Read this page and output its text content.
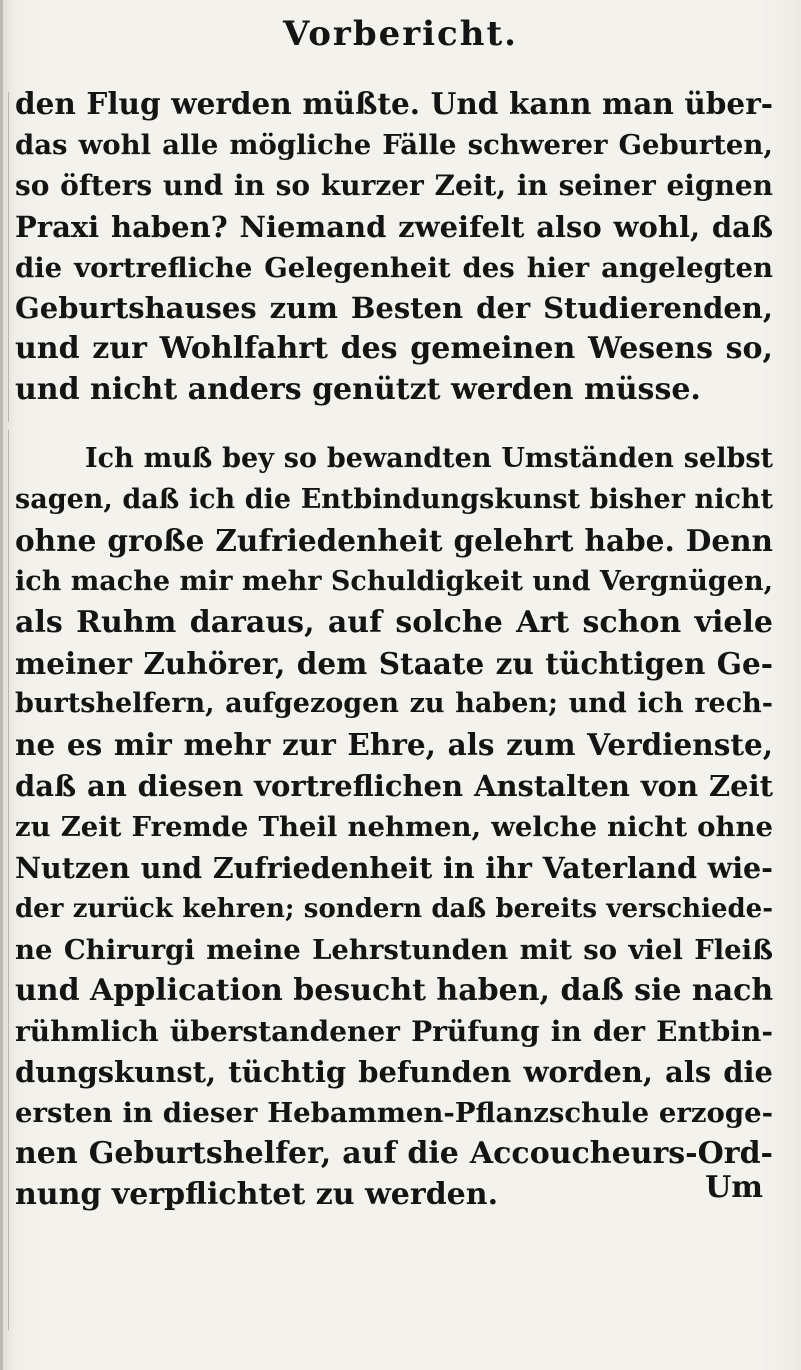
Vorbericht.
den Flug werden müßte. Und kann man über-
das wohl alle mögliche Fälle schwerer Geburten,
so öfters und in so kurzer Zeit, in seiner eignen
Praxi haben? Niemand zweifelt also wohl, daß
die vortrefliche Gelegenheit des hier angelegten
Geburtshauses zum Besten der Studierenden,
und zur Wohlfahrt des gemeinen Wesens so,
und nicht anders genützt werden müsse.
Ich muß bey so bewandten Umständen selbst
sagen, daß ich die Entbindungskunst bisher nicht
ohne große Zufriedenheit gelehrt habe. Denn
ich mache mir mehr Schuldigkeit und Vergnügen,
als Ruhm daraus, auf solche Art schon viele
meiner Zuhörer, dem Staate zu tüchtigen Ge-
burtshelfern, aufgezogen zu haben; und ich rech-
ne es mir mehr zur Ehre, als zum Verdienste,
daß an diesen vortreflichen Anstalten von Zeit
zu Zeit Fremde Theil nehmen, welche nicht ohne
Nutzen und Zufriedenheit in ihr Vaterland wie-
der zurück kehren; sondern daß bereits verschiede-
ne Chirurgi meine Lehrstunden mit so viel Fleiß
und Application besucht haben, daß sie nach
rühmlich überstandener Prüfung in der Entbin-
dungskunst, tüchtig befunden worden, als die
ersten in dieser Hebammen-Pflanzschule erzoge-
nen Geburtshelfer, auf die Accoucheurs-Ord-
nung verpflichtet zu werden.	Um
